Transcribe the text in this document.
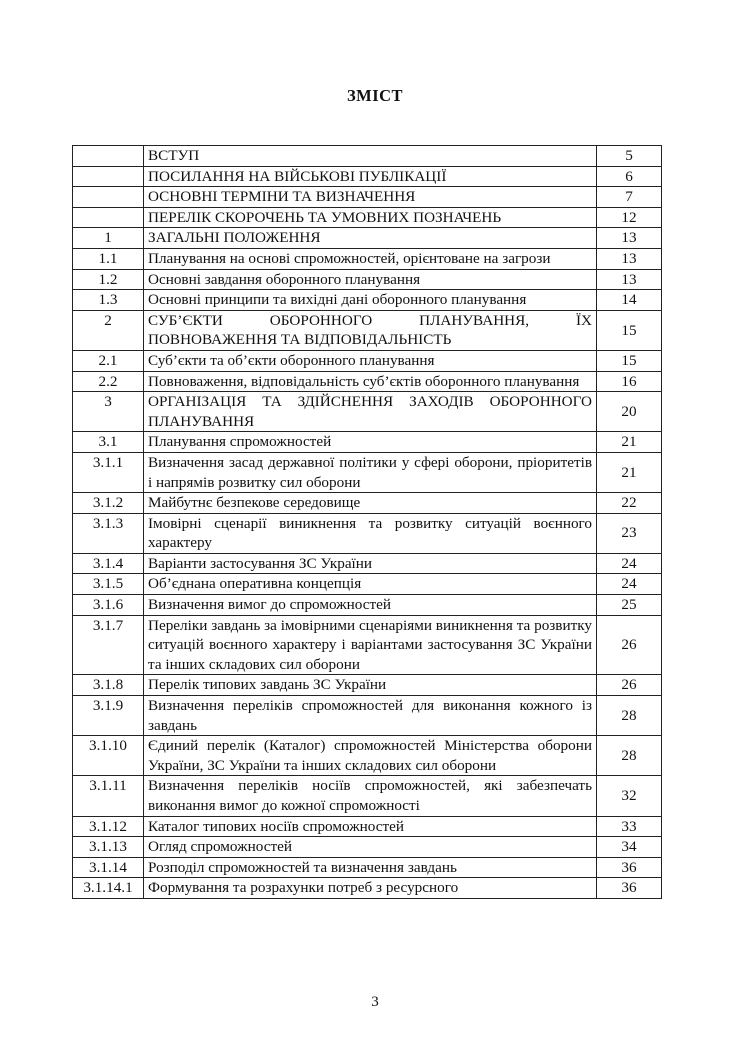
ЗМІСТ
	ВСТУП	5
	ПОСИЛАННЯ НА ВІЙСЬКОВІ ПУБЛІКАЦІЇ	6
	ОСНОВНІ ТЕРМІНИ ТА ВИЗНАЧЕННЯ	7
	ПЕРЕЛІК СКОРОЧЕНЬ ТА УМОВНИХ ПОЗНАЧЕНЬ	12
1	ЗАГАЛЬНІ ПОЛОЖЕННЯ	13
1.1	Планування на основі спроможностей, орієнтоване на загрози	13
1.2	Основні завдання оборонного планування	13
1.3	Основні принципи та вихідні дані оборонного планування	14
2	СУБ’ЄКТИ ОБОРОННОГО ПЛАНУВАННЯ, ЇХ ПОВНОВАЖЕННЯ ТА ВІДПОВІДАЛЬНІСТЬ	15
2.1	Суб’єкти та об’єкти оборонного планування	15
2.2	Повноваження, відповідальність суб’єктів оборонного планування	16
3	ОРГАНІЗАЦІЯ ТА ЗДІЙСНЕННЯ ЗАХОДІВ ОБОРОННОГО ПЛАНУВАННЯ	20
3.1	Планування спроможностей	21
3.1.1	Визначення засад державної політики у сфері оборони, пріоритетів і напрямів розвитку сил оборони	21
3.1.2	Майбутнє безпекове середовище	22
3.1.3	Імовірні сценарії виникнення та розвитку ситуацій воєнного характеру	23
3.1.4	Варіанти застосування ЗС України	24
3.1.5	Об’єднана оперативна концепція	24
3.1.6	Визначення вимог до спроможностей	25
3.1.7	Переліки завдань за імовірними сценаріями виникнення та розвитку ситуацій воєнного характеру і варіантами застосування ЗС України та інших складових сил оборони	26
3.1.8	Перелік типових завдань ЗС України	26
3.1.9	Визначення переліків спроможностей для виконання кожного із завдань	28
3.1.10	Єдиний перелік (Каталог) спроможностей Міністерства оборони України, ЗС України та інших складових сил оборони	28
3.1.11	Визначення переліків носіїв спроможностей, які забезпечать виконання вимог до кожної спроможності	32
3.1.12	Каталог типових носіїв спроможностей	33
3.1.13	Огляд спроможностей	34
3.1.14	Розподіл спроможностей та визначення завдань	36
3.1.14.1	Формування та розрахунки потреб з ресурсного	36
3
